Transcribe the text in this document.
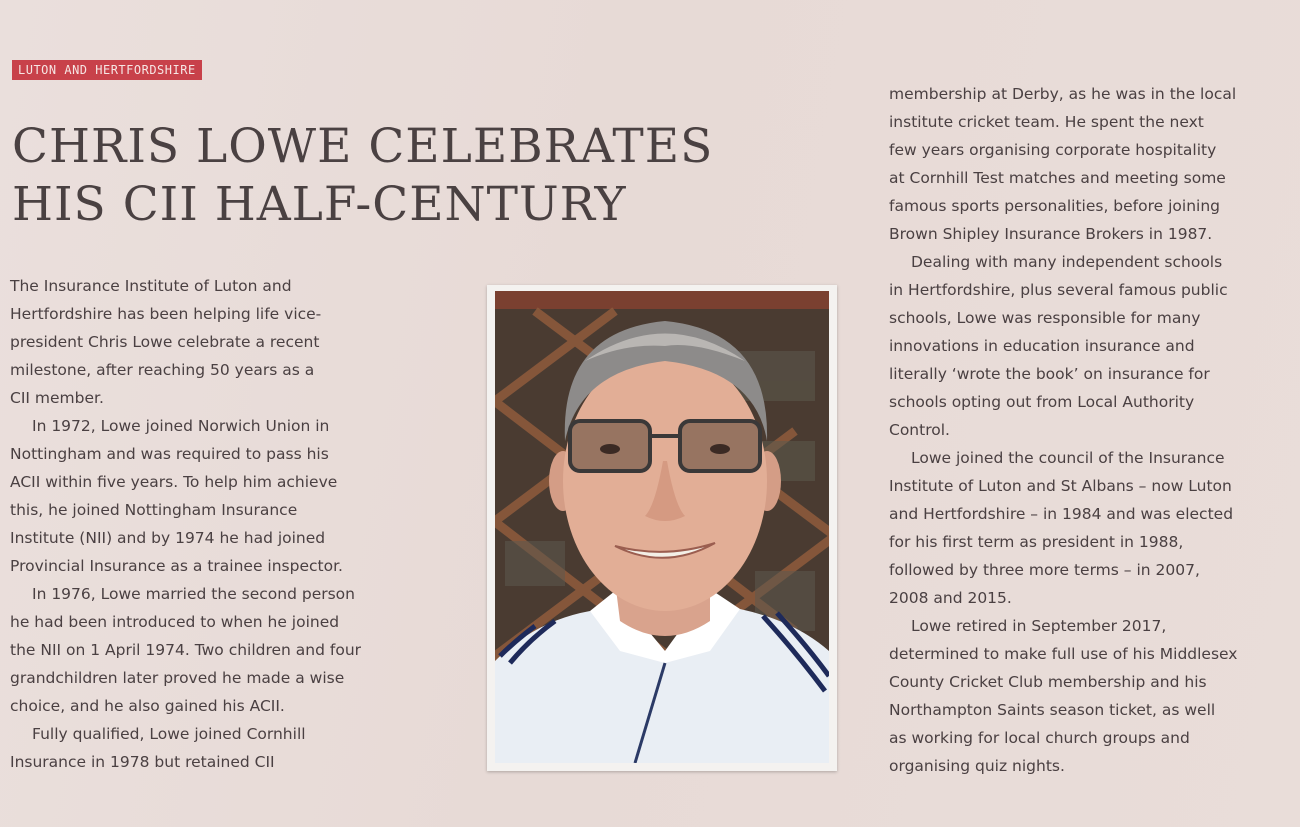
LUTON AND HERTFORDSHIRE
CHRIS LOWE CELEBRATES
HIS CII HALF-CENTURY

The Insurance Institute of Luton and
Hertfordshire has been helping life vice-
president Chris Lowe celebrate a recent
milestone, after reaching 50 years as a
CII member.

In 1972, Lowe joined Norwich Union in
Nottingham and was required to pass his
ACII within five years. To help him achieve
this, he joined Nottingham Insurance
Institute (NII) and by 1974 he had joined
Provincial Insurance as a trainee inspector.

In 1976, Lowe married the second person
he had been introduced to when he joined
the NII on 1 April 1974. Two children and four
grandchildren later proved he made a wise
choice, and he also gained his ACII.

Fully qualified, Lowe joined Cornhill
Insurance in 1978 but retained CII

membership at Derby, as he was in the local
institute cricket team. He spent the next
few years organising corporate hospitality
at Cornhill Test matches and meeting some
famous sports personalities, before joining
Brown Shipley Insurance Brokers in 1987.

Dealing with many independent schools
in Hertfordshire, plus several famous public
schools, Lowe was responsible for many
innovations in education insurance and
literally ‘wrote the book’ on insurance for
schools opting out from Local Authority
Control.

Lowe joined the council of the Insurance
Institute of Luton and St Albans – now Luton
and Hertfordshire – in 1984 and was elected
for his first term as president in 1988,
followed by three more terms – in 2007,
2008 and 2015.

Lowe retired in September 2017,
determined to make full use of his Middlesex
County Cricket Club membership and his
Northampton Saints season ticket, as well
as working for local church groups and
organising quiz nights.
